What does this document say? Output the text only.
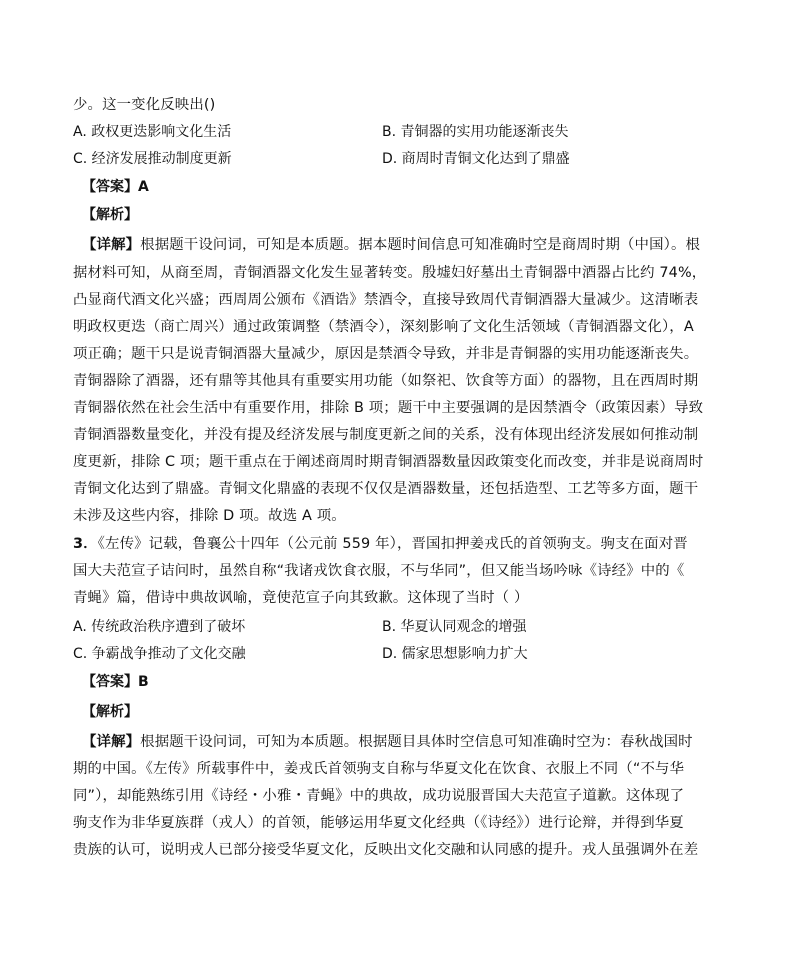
少。这一变化反映出()
A. 政权更迭影响文化生活	B. 青铜器的实用功能逐渐丧失
C. 经济发展推动制度更新	D. 商周时青铜文化达到了鼎盛
【答案】A
【解析】
【详解】根据题干设问词，可知是本质题。据本题时间信息可知准确时空是商周时期（中国）。根
据材料可知，从商至周，青铜酒器文化发生显著转变。殷墟妇好墓出土青铜器中酒器占比约 74%，
凸显商代酒文化兴盛；西周周公颁布《酒诰》禁酒令，直接导致周代青铜酒器大量减少。这清晰表
明政权更迭（商亡周兴）通过政策调整（禁酒令），深刻影响了文化生活领域（青铜酒器文化），A
项正确；题干只是说青铜酒器大量减少，原因是禁酒令导致，并非是青铜器的实用功能逐渐丧失。
青铜器除了酒器，还有鼎等其他具有重要实用功能（如祭祀、饮食等方面）的器物，且在西周时期
青铜器依然在社会生活中有重要作用，排除 B 项；题干中主要强调的是因禁酒令（政策因素）导致
青铜酒器数量变化，并没有提及经济发展与制度更新之间的关系，没有体现出经济发展如何推动制
度更新，排除 C 项；题干重点在于阐述商周时期青铜酒器数量因政策变化而改变，并非是说商周时
青铜文化达到了鼎盛。青铜文化鼎盛的表现不仅仅是酒器数量，还包括造型、工艺等多方面，题干
未涉及这些内容，排除 D 项。故选 A 项。
3．《左传》记载，鲁襄公十四年（公元前 559 年），晋国扣押姜戎氏的首领驹支。驹支在面对晋
国大夫范宣子诘问时，虽然自称“我诸戎饮食衣服，不与华同”，但又能当场吟咏《诗经》中的《
青蝇》篇，借诗中典故讽喻，竟使范宣子向其致歉。这体现了当时（ ）
A. 传统政治秩序遭到了破坏	B. 华夏认同观念的增强
C. 争霸战争推动了文化交融	D. 儒家思想影响力扩大
【答案】B
【解析】
【详解】根据题干设问词，可知为本质题。根据题目具体时空信息可知准确时空为：春秋战国时
期的中国。《左传》所载事件中，姜戎氏首领驹支自称与华夏文化在饮食、衣服上不同（“不与华
同”），却能熟练引用《诗经・小雅・青蝇》中的典故，成功说服晋国大夫范宣子道歉。这体现了
驹支作为非华夏族群（戎人）的首领，能够运用华夏文化经典（《诗经》）进行论辩，并得到华夏
贵族的认可，说明戎人已部分接受华夏文化，反映出文化交融和认同感的提升。戎人虽强调外在差
